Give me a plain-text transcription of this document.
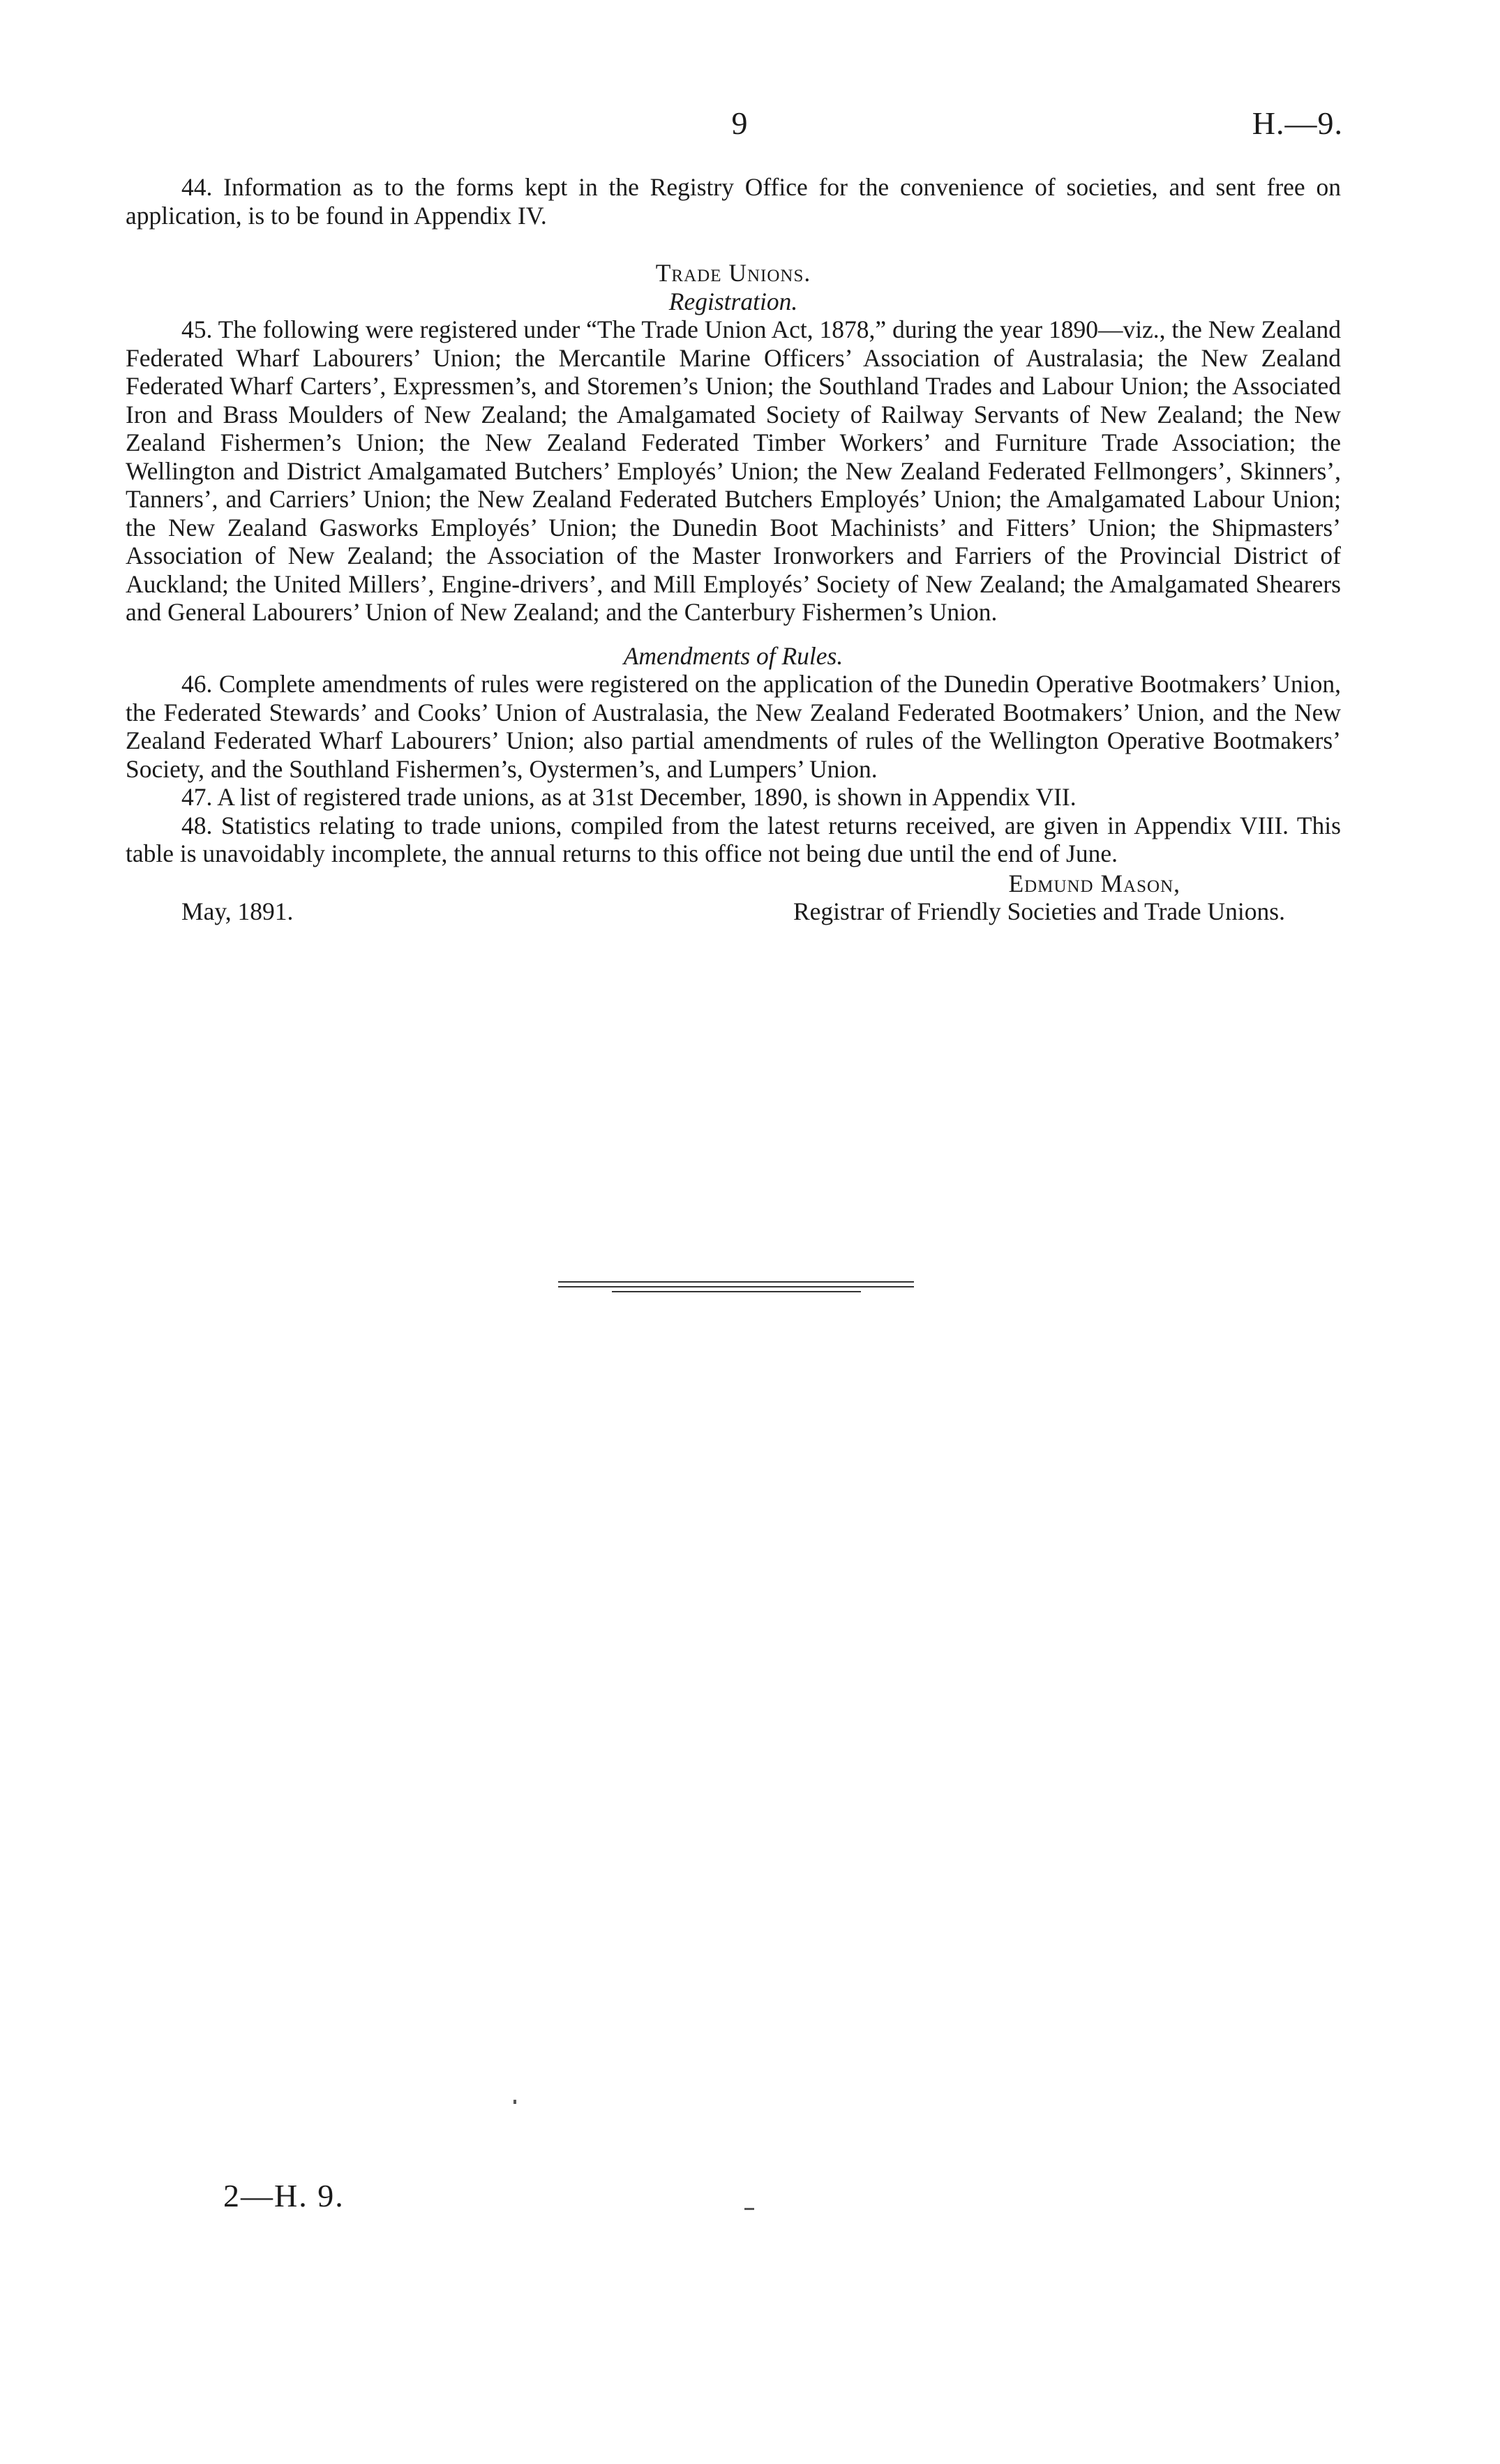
9	H.—9.

44. Information as to the forms kept in the Registry Office for the convenience of societies, and sent free on application, is to be found in Appendix IV.

Trade Unions.

Registration.

45. The following were registered under “The Trade Union Act, 1878,” during the year 1890—viz., the New Zealand Federated Wharf Labourers’ Union; the Mercantile Marine Officers’ Association of Australasia; the New Zealand Federated Wharf Carters’, Expressmen’s, and Storemen’s Union; the Southland Trades and Labour Union; the Associated Iron and Brass Moulders of New Zealand; the Amalgamated Society of Railway Servants of New Zealand; the New Zealand Fishermen’s Union; the New Zealand Federated Timber Workers’ and Furniture Trade Association; the Wellington and District Amalgamated Butchers’ Employés’ Union; the New Zealand Federated Fellmongers’, Skinners’, Tanners’, and Carriers’ Union; the New Zealand Federated Butchers Employés’ Union; the Amalgamated Labour Union; the New Zealand Gasworks Employés’ Union; the Dunedin Boot Machinists’ and Fitters’ Union; the Shipmasters’ Association of New Zealand; the Association of the Master Ironworkers and Farriers of the Provincial District of Auckland; the United Millers’, Engine-drivers’, and Mill Employés’ Society of New Zealand; the Amalgamated Shearers and General Labourers’ Union of New Zealand; and the Canterbury Fishermen’s Union.

Amendments of Rules.

46. Complete amendments of rules were registered on the application of the Dunedin Operative Bootmakers’ Union, the Federated Stewards’ and Cooks’ Union of Australasia, the New Zealand Federated Bootmakers’ Union, and the New Zealand Federated Wharf Labourers’ Union; also partial amendments of rules of the Wellington Operative Bootmakers’ Society, and the Southland Fishermen’s, Oystermen’s, and Lumpers’ Union.

47. A list of registered trade unions, as at 31st December, 1890, is shown in Appendix VII.

48. Statistics relating to trade unions, compiled from the latest returns received, are given in Appendix VIII. This table is unavoidably incomplete, the annual returns to this office not being due until the end of June.

Edmund Mason,
May, 1891.	Registrar of Friendly Societies and Trade Unions.
2—H. 9.
